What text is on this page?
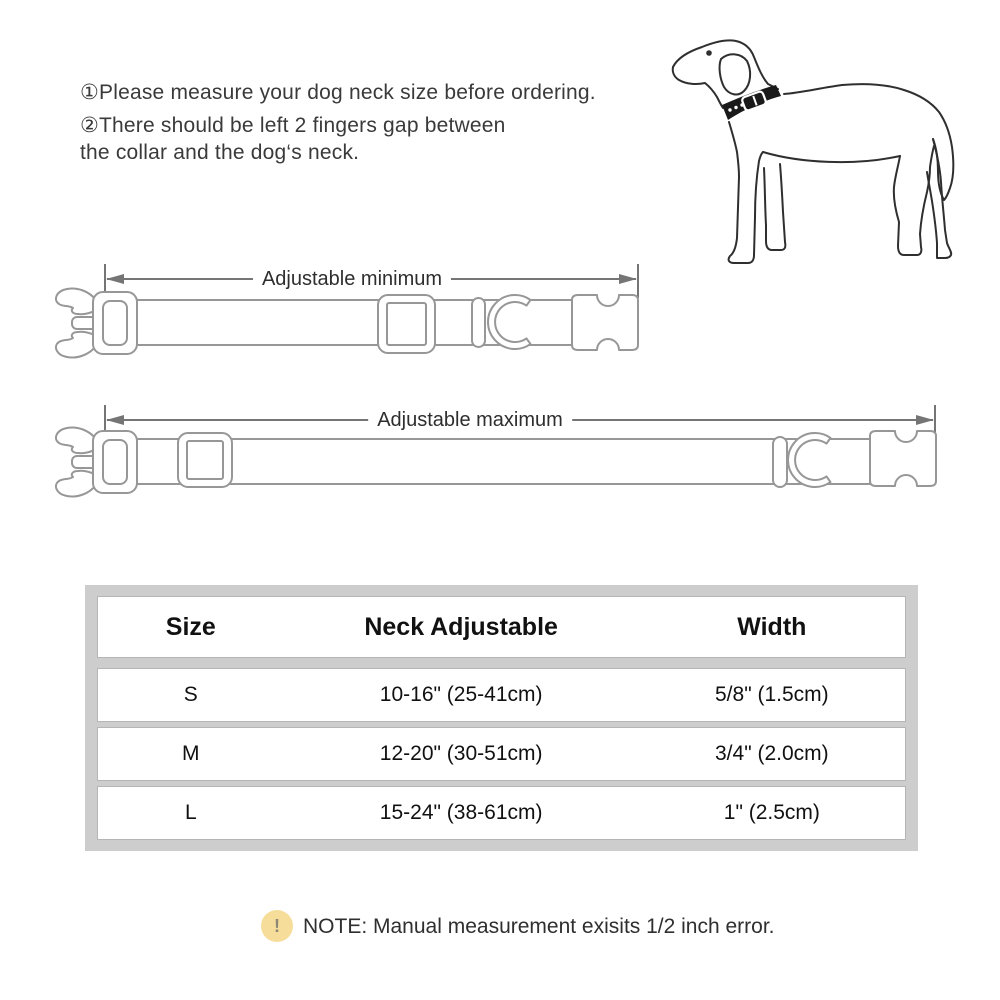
①Please measure your dog neck size before ordering.
②There should be left 2 fingers gap between
the collar and the dog‘s neck.
Adjustable minimum
Adjustable maximum
Size	Neck Adjustable	Width
S	10-16" (25-41cm)	5/8" (1.5cm)
M	12-20" (30-51cm)	3/4" (2.0cm)
L	15-24" (38-61cm)	1" (2.5cm)
!	NOTE: Manual measurement exisits 1/2 inch error.
